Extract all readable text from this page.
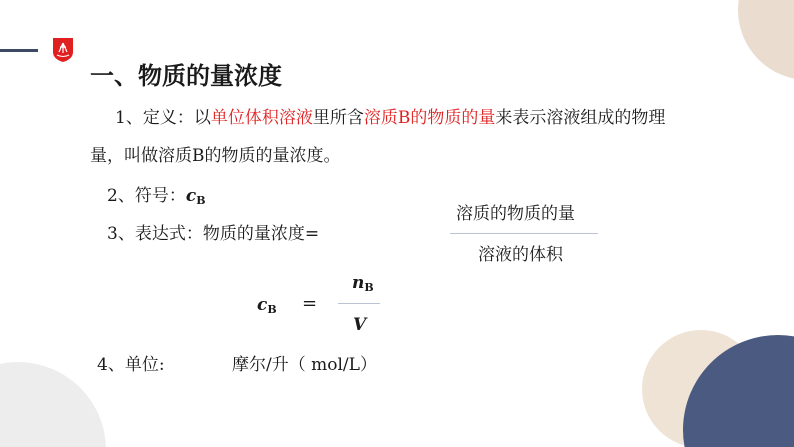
一、物质的量浓度
1、定义：以单位体积溶液里所含溶质B的物质的量来表示溶液组成的物理
量，叫做溶质B的物质的量浓度。
2、符号：$c_B$
3、表达式：物质的量浓度=
溶质的物质的量
溶液的体积
$c_B$ =
$n_B$
V
4、单位:	摩尔/升（ mol/L）
